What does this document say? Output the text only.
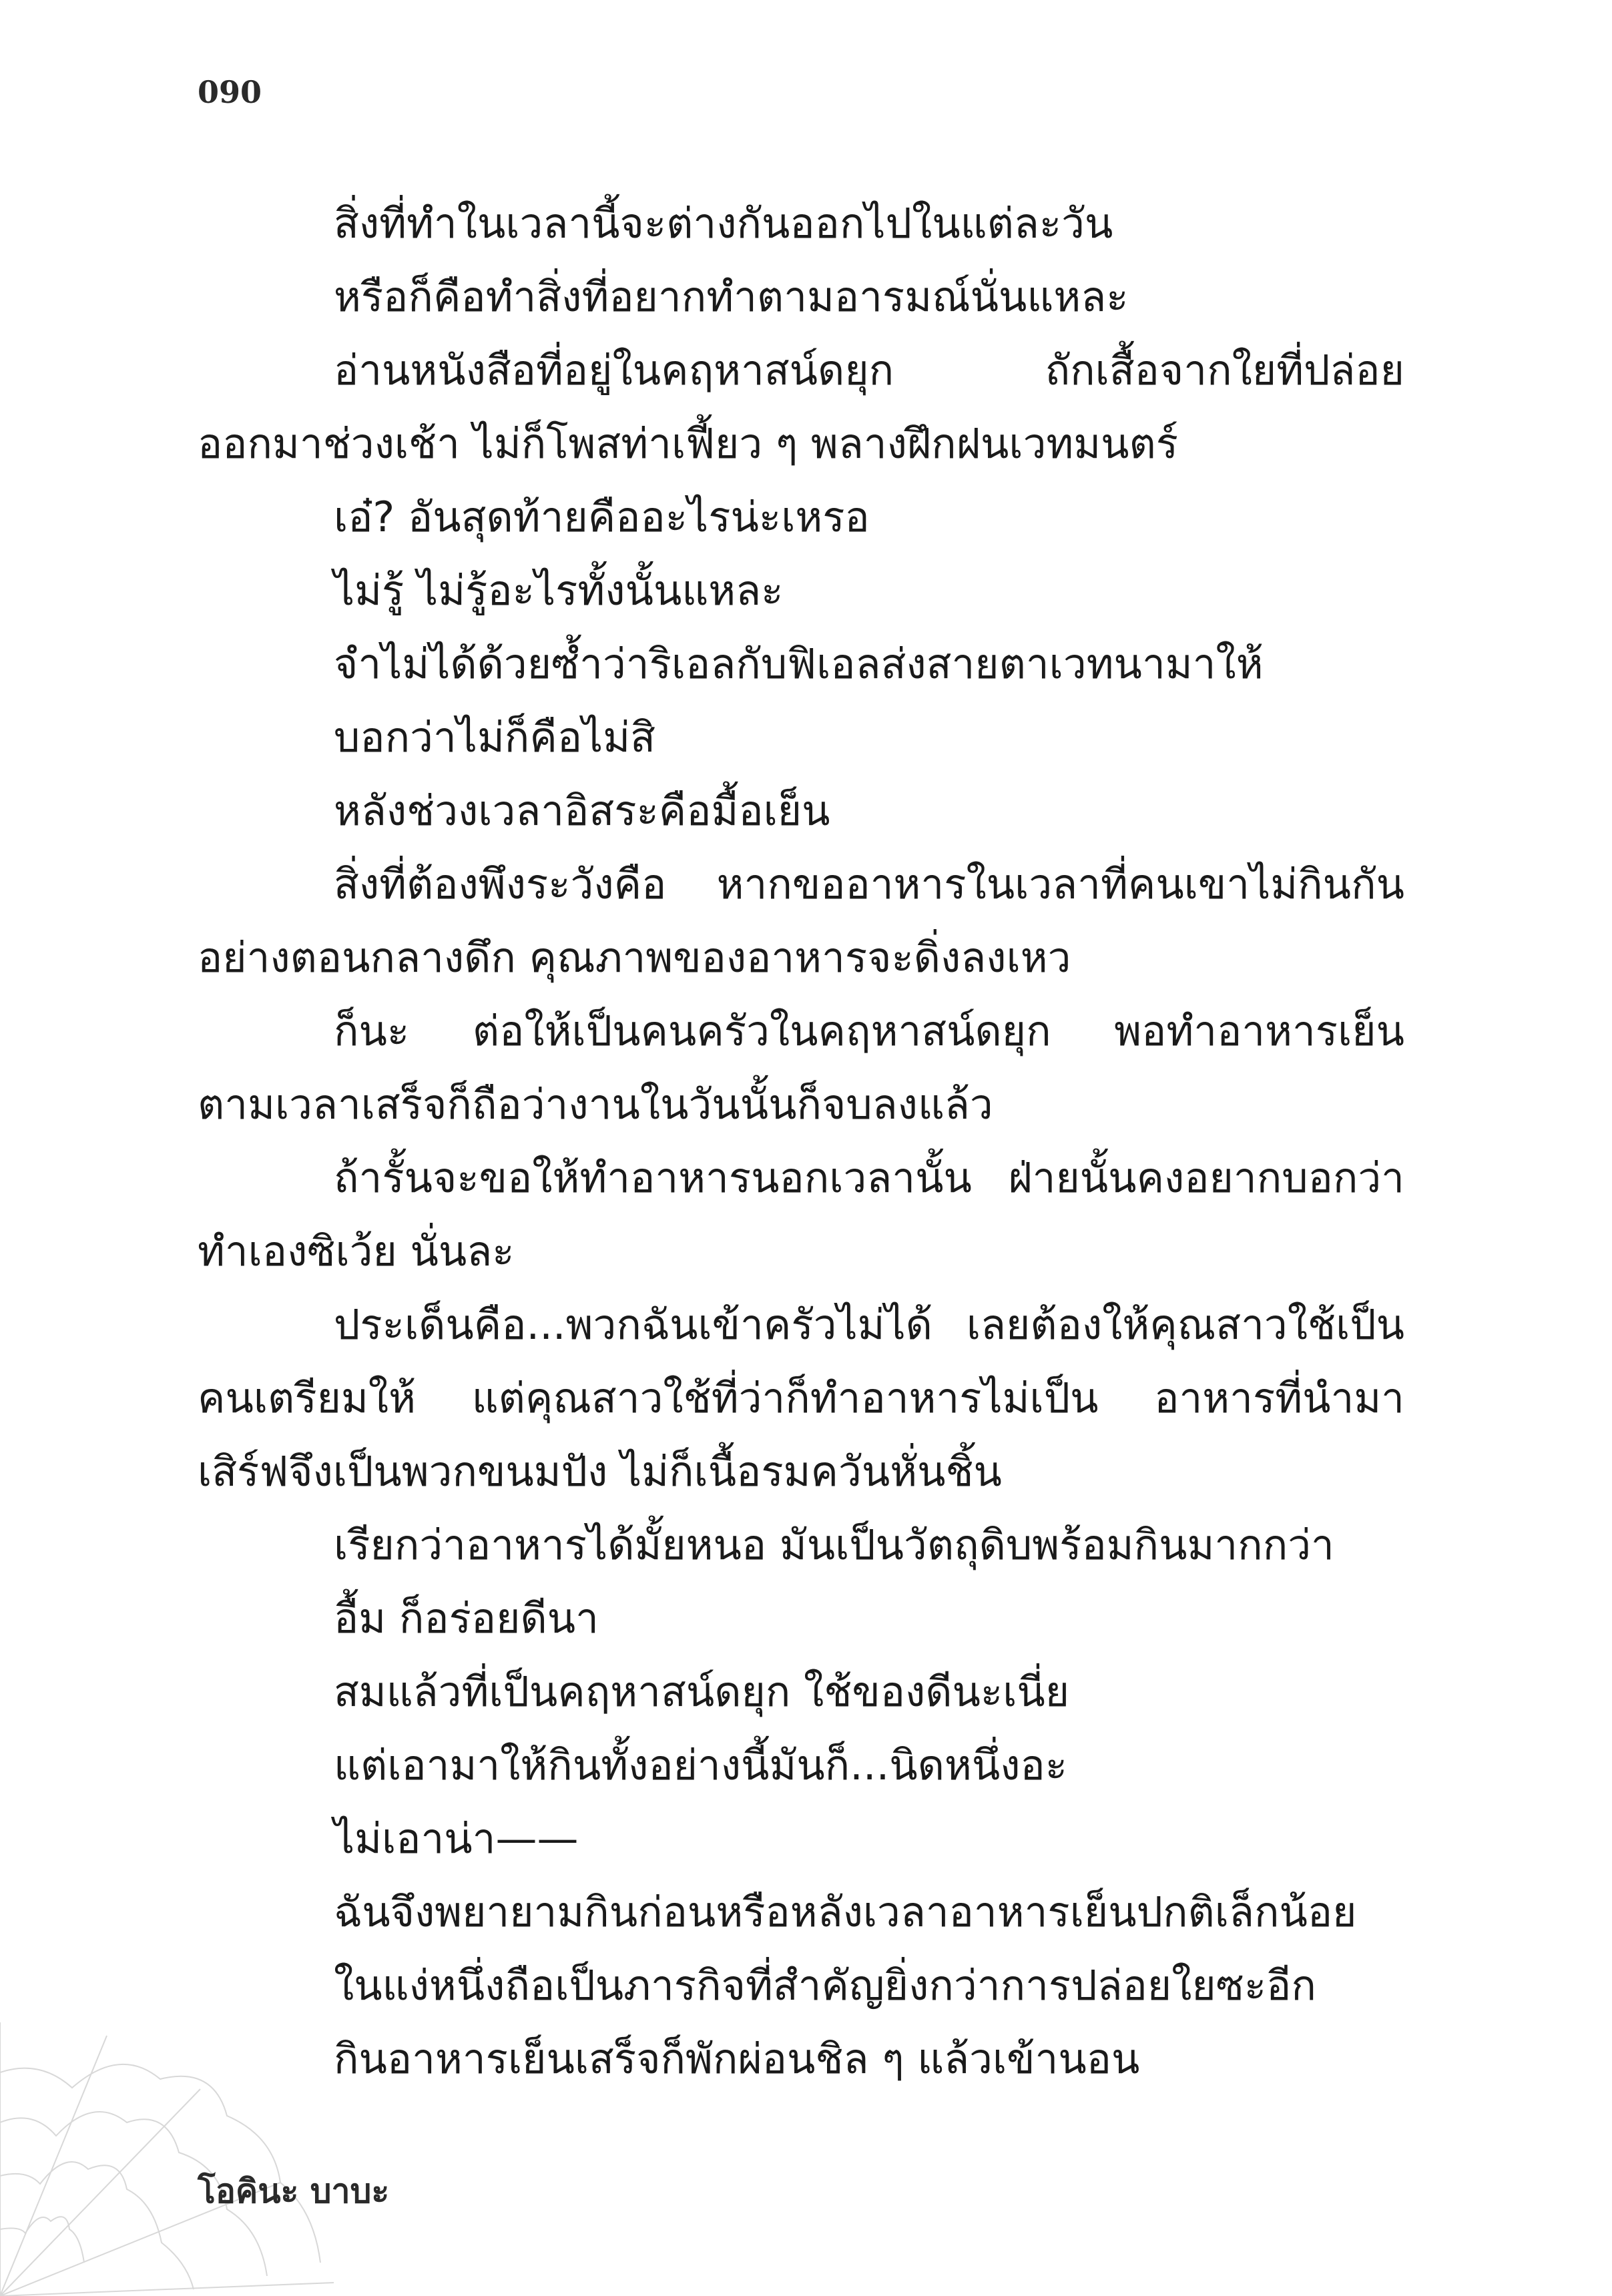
090

สิ่งที่ทำในเวลานี้จะต่างกันออกไปในแต่ละวัน

หรือก็คือทำสิ่งที่อยากทำตามอารมณ์นั่นแหละ

อ่านหนังสือที่อยู่ในคฤหาสน์ดยุก ถักเสื้อจากใยที่ปล่อย

ออกมาช่วงเช้า ไม่ก็โพสท่าเฟี้ยว ๆ พลางฝึกฝนเวทมนตร์

เอ๋? อันสุดท้ายคืออะไรน่ะเหรอ

ไม่รู้ ไม่รู้อะไรทั้งนั้นแหละ

จำไม่ได้ด้วยซ้ำว่าริเอลกับฟิเอลส่งสายตาเวทนามาให้

บอกว่าไม่ก็คือไม่สิ

หลังช่วงเวลาอิสระคือมื้อเย็น

สิ่งที่ต้องพึงระวังคือ หากขออาหารในเวลาที่คนเขาไม่กินกัน

อย่างตอนกลางดึก คุณภาพของอาหารจะดิ่งลงเหว

ก็นะ ต่อให้เป็นคนครัวในคฤหาสน์ดยุก พอทำอาหารเย็น

ตามเวลาเสร็จก็ถือว่างานในวันนั้นก็จบลงแล้ว

ถ้ารั้นจะขอให้ทำอาหารนอกเวลานั้น ฝ่ายนั้นคงอยากบอกว่า

ทำเองซิเว้ย นั่นละ

ประเด็นคือ...พวกฉันเข้าครัวไม่ได้ เลยต้องให้คุณสาวใช้เป็น

คนเตรียมให้ แต่คุณสาวใช้ที่ว่าก็ทำอาหารไม่เป็น อาหารที่นำมา

เสิร์ฟจึงเป็นพวกขนมปัง ไม่ก็เนื้อรมควันหั่นชิ้น

เรียกว่าอาหารได้มั้ยหนอ มันเป็นวัตถุดิบพร้อมกินมากกว่า

อื้ม ก็อร่อยดีนา

สมแล้วที่เป็นคฤหาสน์ดยุก ใช้ของดีนะเนี่ย

แต่เอามาให้กินทั้งอย่างนี้มันก็...นิดหนึ่งอะ

ไม่เอาน่า——

ฉันจึงพยายามกินก่อนหรือหลังเวลาอาหารเย็นปกติเล็กน้อย

ในแง่หนึ่งถือเป็นภารกิจที่สำคัญยิ่งกว่าการปล่อยใยซะอีก

กินอาหารเย็นเสร็จก็พักผ่อนชิล ๆ แล้วเข้านอน

โอคินะ บาบะ
